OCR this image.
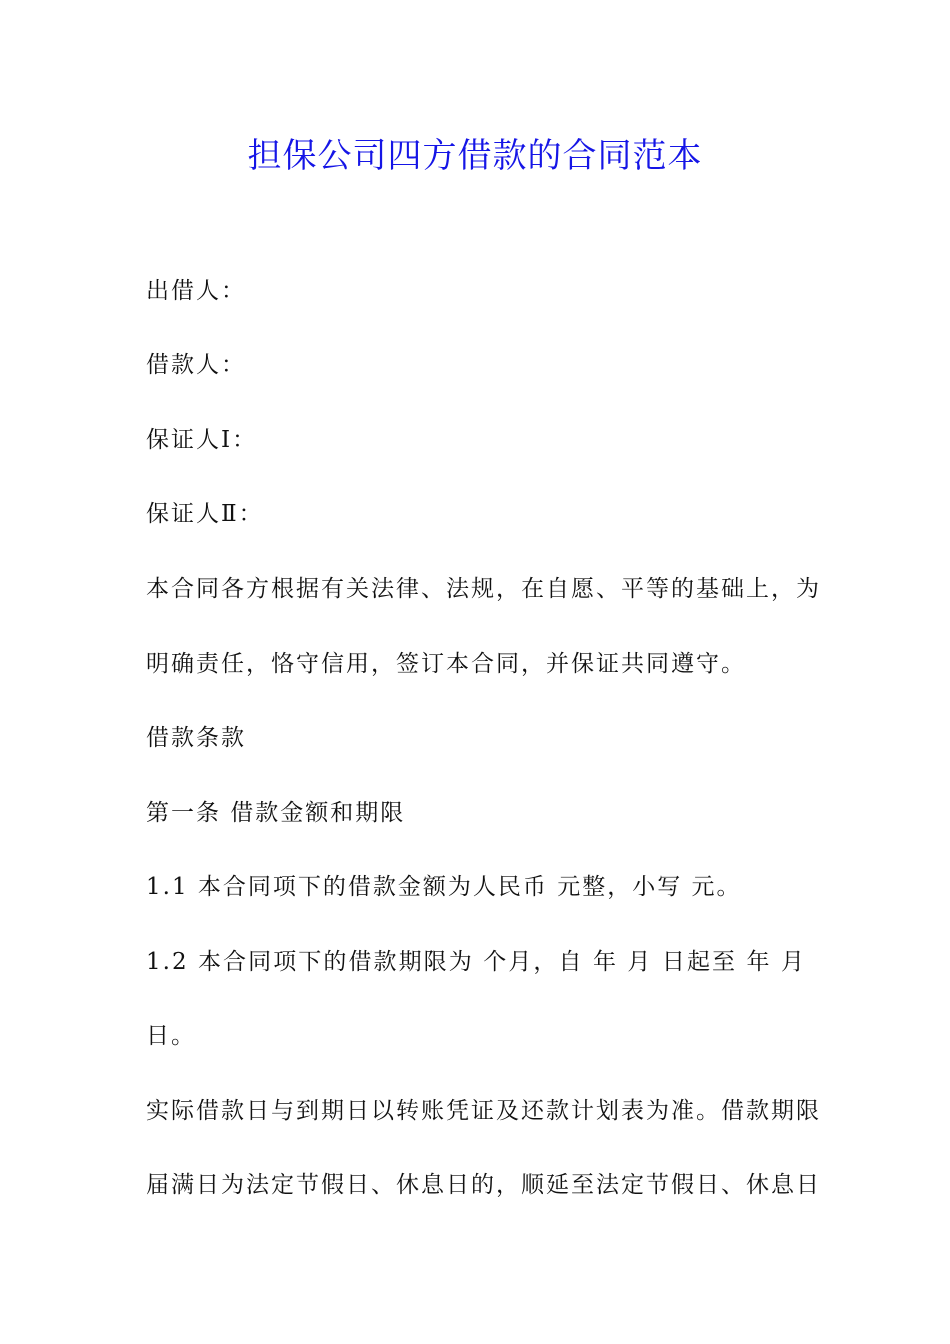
担保公司四方借款的合同范本

出借人：

借款人：

保证人Ⅰ：

保证人Ⅱ：

本合同各方根据有关法律、法规，在自愿、平等的基础上，为

明确责任，恪守信用，签订本合同，并保证共同遵守。

借款条款

第一条 借款金额和期限

1.1 本合同项下的借款金额为人民币 元整，小写 元。

1.2 本合同项下的借款期限为 个月，自 年 月 日起至 年 月

日。

实际借款日与到期日以转账凭证及还款计划表为准。借款期限

届满日为法定节假日、休息日的，顺延至法定节假日、休息日
